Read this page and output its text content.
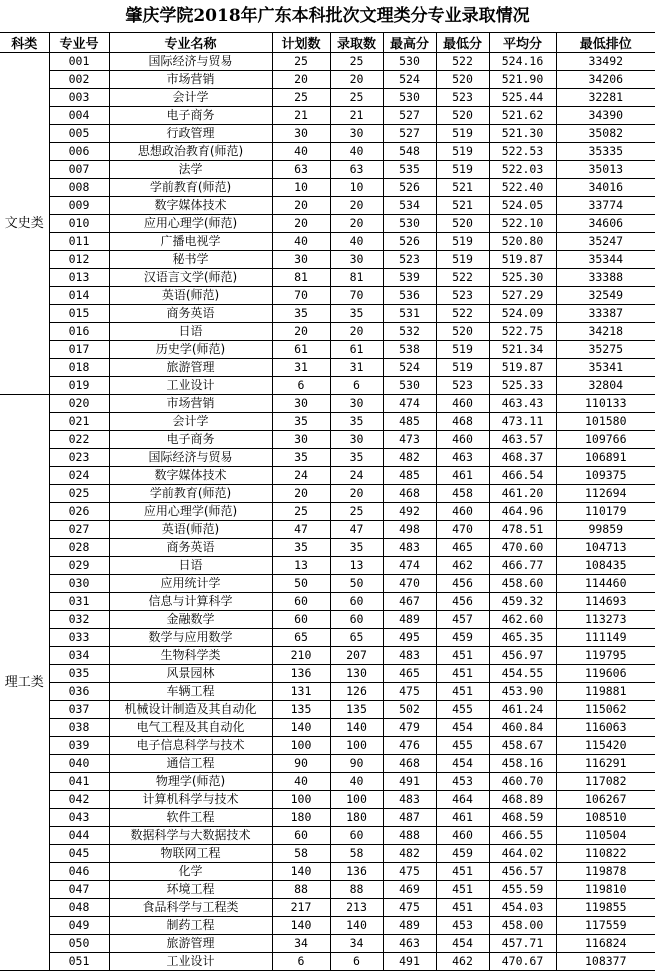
肇庆学院2018年广东本科批次文理类分专业录取情况
科类	专业号	专业名称	计划数	录取数	最高分	最低分	平均分	最低排位
文史类	001	国际经济与贸易	25	25	530	522	524.16	33492
	002	市场营销	20	20	524	520	521.90	34206
	003	会计学	25	25	530	523	525.44	32281
	004	电子商务	21	21	527	520	521.62	34390
	005	行政管理	30	30	527	519	521.30	35082
	006	思想政治教育(师范)	40	40	548	519	522.53	35335
	007	法学	63	63	535	519	522.03	35013
	008	学前教育(师范)	10	10	526	521	522.40	34016
	009	数字媒体技术	20	20	534	521	524.05	33774
	010	应用心理学(师范)	20	20	530	520	522.10	34606
	011	广播电视学	40	40	526	519	520.80	35247
	012	秘书学	30	30	523	519	519.87	35344
	013	汉语言文学(师范)	81	81	539	522	525.30	33388
	014	英语(师范)	70	70	536	523	527.29	32549
	015	商务英语	35	35	531	522	524.09	33387
	016	日语	20	20	532	520	522.75	34218
	017	历史学(师范)	61	61	538	519	521.34	35275
	018	旅游管理	31	31	524	519	519.87	35341
	019	工业设计	6	6	530	523	525.33	32804
理工类	020	市场营销	30	30	474	460	463.43	110133
	021	会计学	35	35	485	468	473.11	101580
	022	电子商务	30	30	473	460	463.57	109766
	023	国际经济与贸易	35	35	482	463	468.37	106891
	024	数字媒体技术	24	24	485	461	466.54	109375
	025	学前教育(师范)	20	20	468	458	461.20	112694
	026	应用心理学(师范)	25	25	492	460	464.96	110179
	027	英语(师范)	47	47	498	470	478.51	99859
	028	商务英语	35	35	483	465	470.60	104713
	029	日语	13	13	474	462	466.77	108435
	030	应用统计学	50	50	470	456	458.60	114460
	031	信息与计算科学	60	60	467	456	459.32	114693
	032	金融数学	60	60	489	457	462.60	113273
	033	数学与应用数学	65	65	495	459	465.35	111149
	034	生物科学类	210	207	483	451	456.97	119795
	035	风景园林	136	130	465	451	454.55	119606
	036	车辆工程	131	126	475	451	453.90	119881
	037	机械设计制造及其自动化	135	135	502	455	461.24	115062
	038	电气工程及其自动化	140	140	479	454	460.84	116063
	039	电子信息科学与技术	100	100	476	455	458.67	115420
	040	通信工程	90	90	468	454	458.16	116291
	041	物理学(师范)	40	40	491	453	460.70	117082
	042	计算机科学与技术	100	100	483	464	468.89	106267
	043	软件工程	180	180	487	461	468.59	108510
	044	数据科学与大数据技术	60	60	488	460	466.55	110504
	045	物联网工程	58	58	482	459	464.02	110822
	046	化学	140	136	475	451	456.57	119878
	047	环境工程	88	88	469	451	455.59	119810
	048	食品科学与工程类	217	213	475	451	454.03	119855
	049	制药工程	140	140	489	453	458.00	117559
	050	旅游管理	34	34	463	454	457.71	116824
	051	工业设计	6	6	491	462	470.67	108377
